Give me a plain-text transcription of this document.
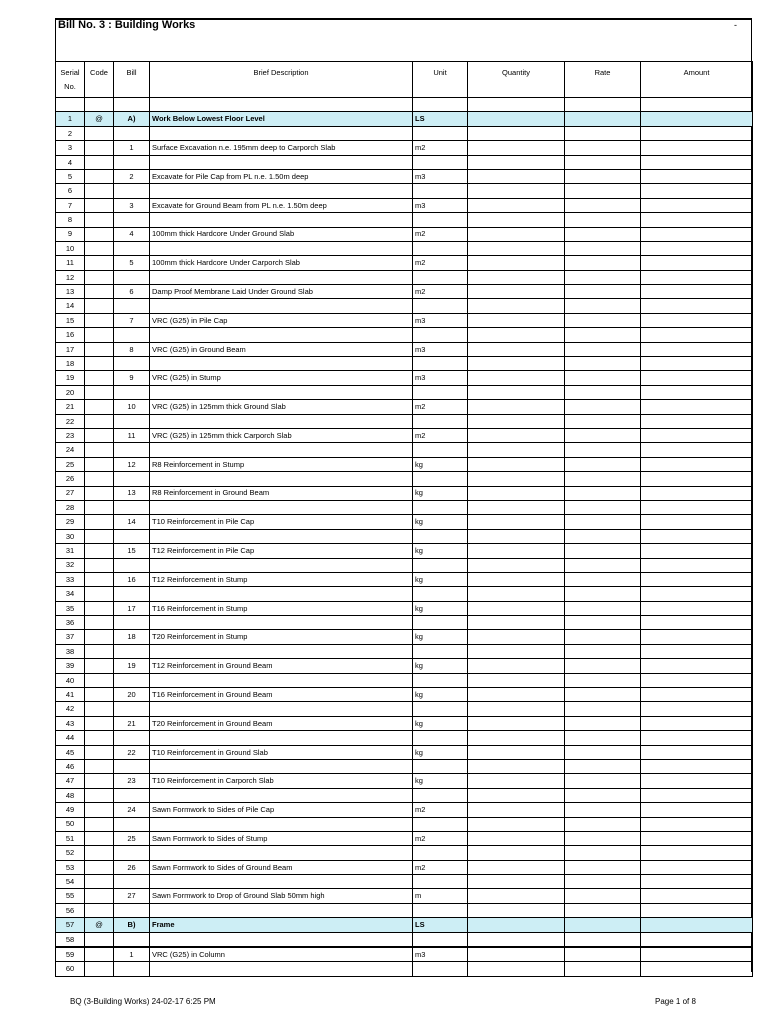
Bill No. 3 : Building Works	-
Serial
No.	Code	Bill	Brief Description	Unit	Quantity	Rate	Amount

1	@	A)	Work Below Lowest Floor Level	LS			
2							
3		1	Surface Excavation n.e. 195mm deep to Carporch Slab	m2			
4							
5		2	Excavate for Pile Cap from PL n.e. 1.50m deep	m3			
6							
7		3	Excavate for Ground Beam from PL n.e. 1.50m deep	m3			
8							
9		4	100mm thick Hardcore Under Ground Slab	m2			
10							
11		5	100mm thick Hardcore Under Carporch Slab	m2			
12							
13		6	Damp Proof Membrane Laid Under Ground Slab	m2			
14							
15		7	VRC (G25) in Pile Cap	m3			
16							
17		8	VRC (G25) in Ground Beam	m3			
18							
19		9	VRC (G25) in Stump	m3			
20							
21		10	VRC (G25) in 125mm thick Ground Slab	m2			
22							
23		11	VRC (G25) in 125mm thick Carporch Slab	m2			
24							
25		12	R8 Reinforcement in Stump	kg			
26							
27		13	R8 Reinforcement in Ground Beam	kg			
28							
29		14	T10 Reinforcement in Pile Cap	kg			
30							
31		15	T12 Reinforcement in Pile Cap	kg			
32							
33		16	T12 Reinforcement in Stump	kg			
34							
35		17	T16 Reinforcement in Stump	kg			
36							
37		18	T20 Reinforcement in Stump	kg			
38							
39		19	T12 Reinforcement in Ground Beam	kg			
40							
41		20	T16 Reinforcement in Ground Beam	kg			
42							
43		21	T20 Reinforcement in Ground Beam	kg			
44							
45		22	T10 Reinforcement in Ground Slab	kg			
46							
47		23	T10 Reinforcement in Carporch Slab	kg			
48							
49		24	Sawn Formwork to Sides of Pile Cap	m2			
50							
51		25	Sawn Formwork to Sides of Stump	m2			
52							
53		26	Sawn Formwork to Sides of Ground Beam	m2			
54							
55		27	Sawn Formwork to Drop of Ground Slab 50mm high	m			
56							
57	@	B)	Frame	LS			
58							
59		1	VRC (G25) in Column	m3			
60							
BQ (3-Building Works) 24-02-17 6:25 PM	Page 1 of 8
